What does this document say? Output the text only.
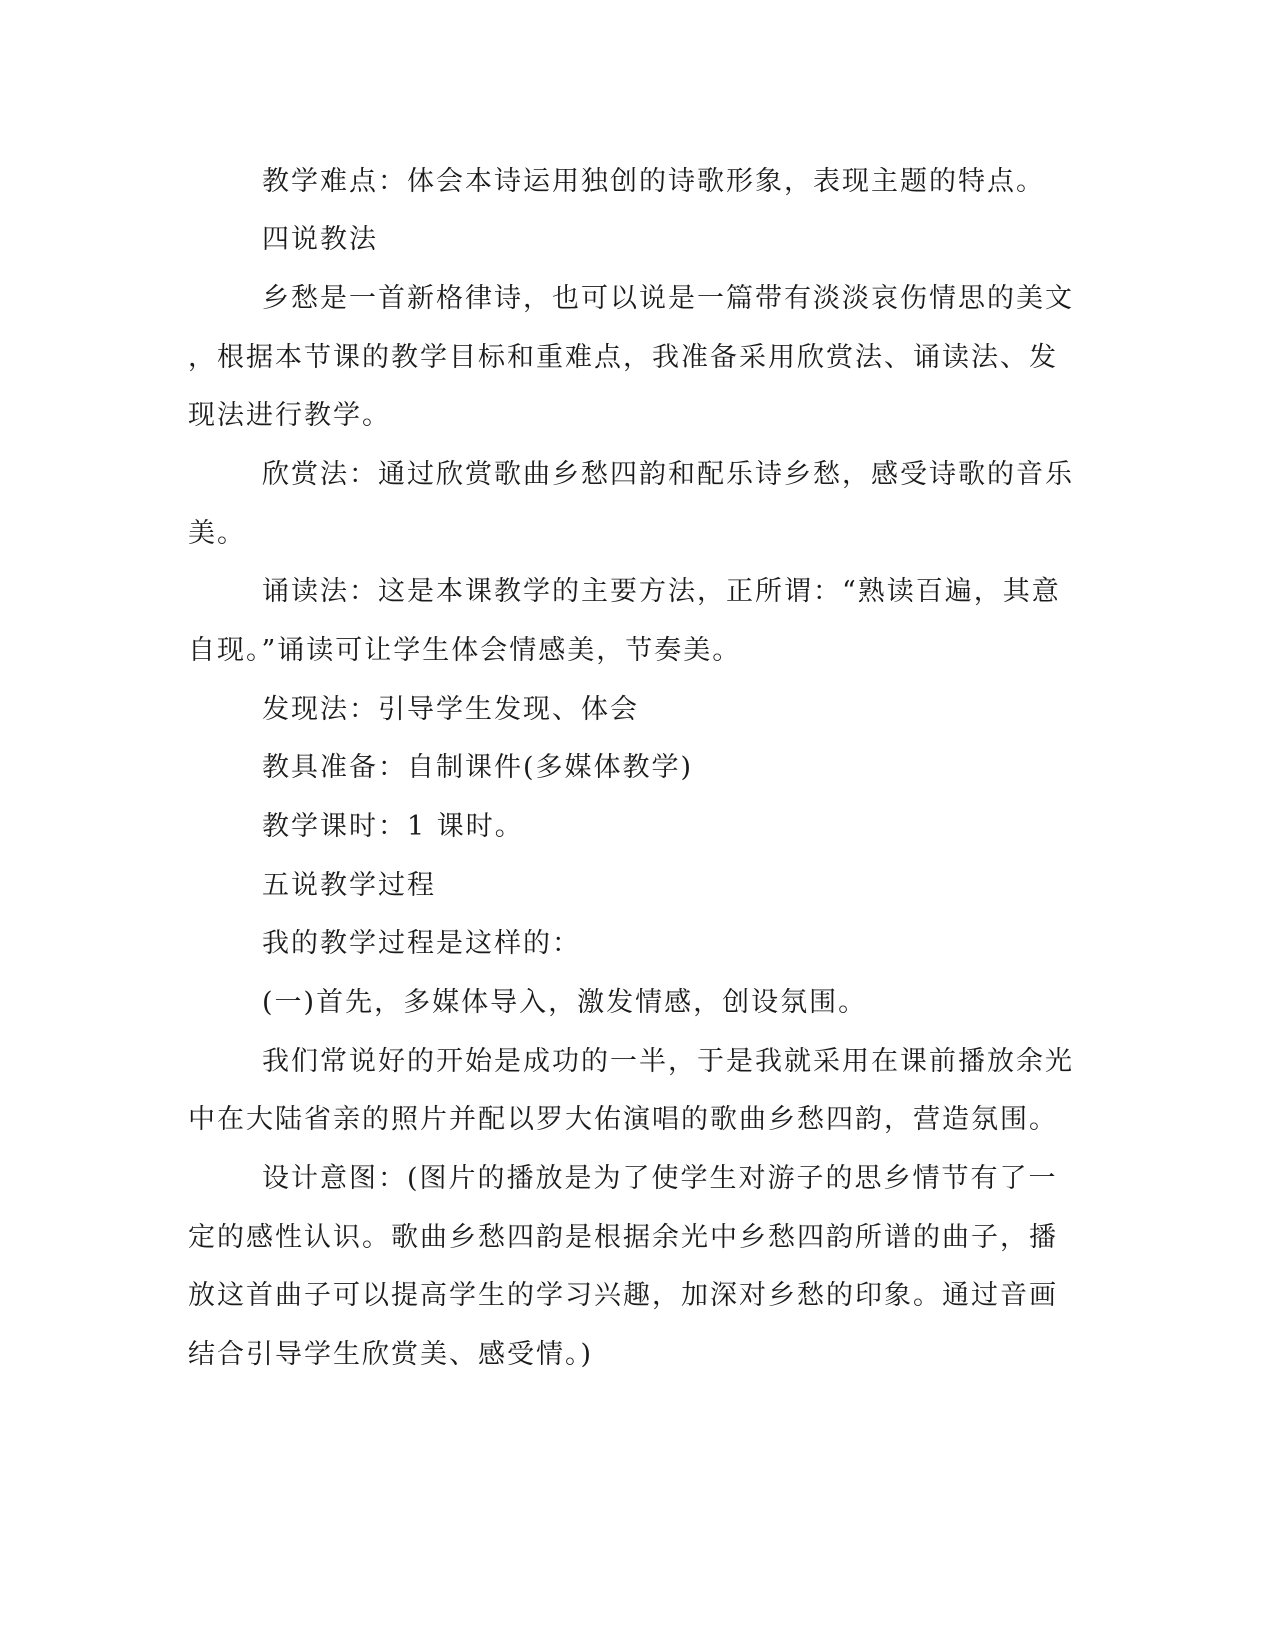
教学难点：体会本诗运用独创的诗歌形象，表现主题的特点。
四说教法
乡愁是一首新格律诗，也可以说是一篇带有淡淡哀伤情思的美文
，根据本节课的教学目标和重难点，我准备采用欣赏法、诵读法、发
现法进行教学。
欣赏法：通过欣赏歌曲乡愁四韵和配乐诗乡愁，感受诗歌的音乐
美。
诵读法：这是本课教学的主要方法，正所谓：“熟读百遍，其意
自现。”诵读可让学生体会情感美，节奏美。
发现法：引导学生发现、体会
教具准备：自制课件(多媒体教学)
教学课时：1 课时。
五说教学过程
我的教学过程是这样的：
(一)首先，多媒体导入，激发情感，创设氛围。
我们常说好的开始是成功的一半，于是我就采用在课前播放余光
中在大陆省亲的照片并配以罗大佑演唱的歌曲乡愁四韵，营造氛围。
设计意图：(图片的播放是为了使学生对游子的思乡情节有了一
定的感性认识。歌曲乡愁四韵是根据余光中乡愁四韵所谱的曲子，播
放这首曲子可以提高学生的学习兴趣，加深对乡愁的印象。通过音画
结合引导学生欣赏美、感受情。)
